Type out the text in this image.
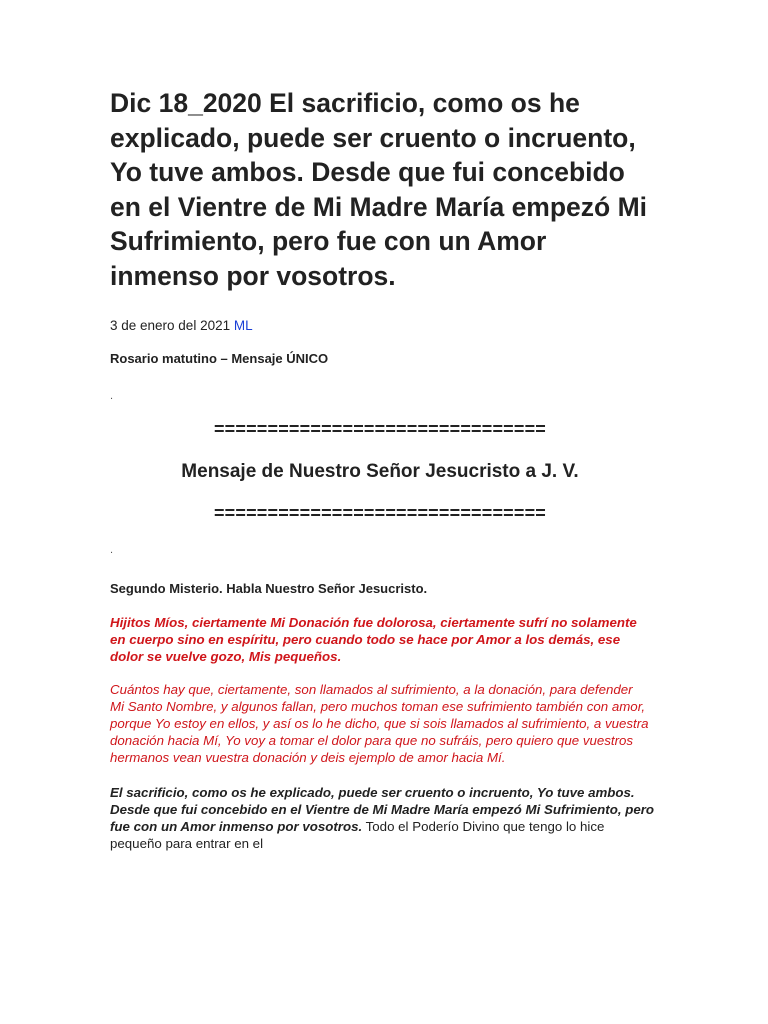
Dic 18_2020 El sacrificio, como os he explicado, puede ser cruento o incruento, Yo tuve ambos. Desde que fui concebido en el Vientre de Mi Madre María empezó Mi Sufrimiento, pero fue con un Amor inmenso por vosotros.
3 de enero del 2021 ML
Rosario matutino – Mensaje ÚNICO
.
===============================
Mensaje de Nuestro Señor Jesucristo a J. V.
===============================
.
Segundo Misterio. Habla Nuestro Señor Jesucristo.

Hijitos Míos, ciertamente Mi Donación fue dolorosa, ciertamente sufrí no solamente en cuerpo sino en espíritu, pero cuando todo se hace por Amor a los demás, ese dolor se vuelve gozo, Mis pequeños.

Cuántos hay que, ciertamente, son llamados al sufrimiento, a la donación, para defender Mi Santo Nombre, y algunos fallan, pero muchos toman ese sufrimiento también con amor, porque Yo estoy en ellos, y así os lo he dicho, que si sois llamados al sufrimiento, a vuestra donación hacia Mí, Yo voy a tomar el dolor para que no sufráis, pero quiero que vuestros hermanos vean vuestra donación y deis ejemplo de amor hacia Mí.

El sacrificio, como os he explicado, puede ser cruento o incruento, Yo tuve ambos. Desde que fui concebido en el Vientre de Mi Madre María empezó Mi Sufrimiento, pero fue con un Amor inmenso por vosotros. Todo el Poderío Divino que tengo lo hice pequeño para entrar en el
